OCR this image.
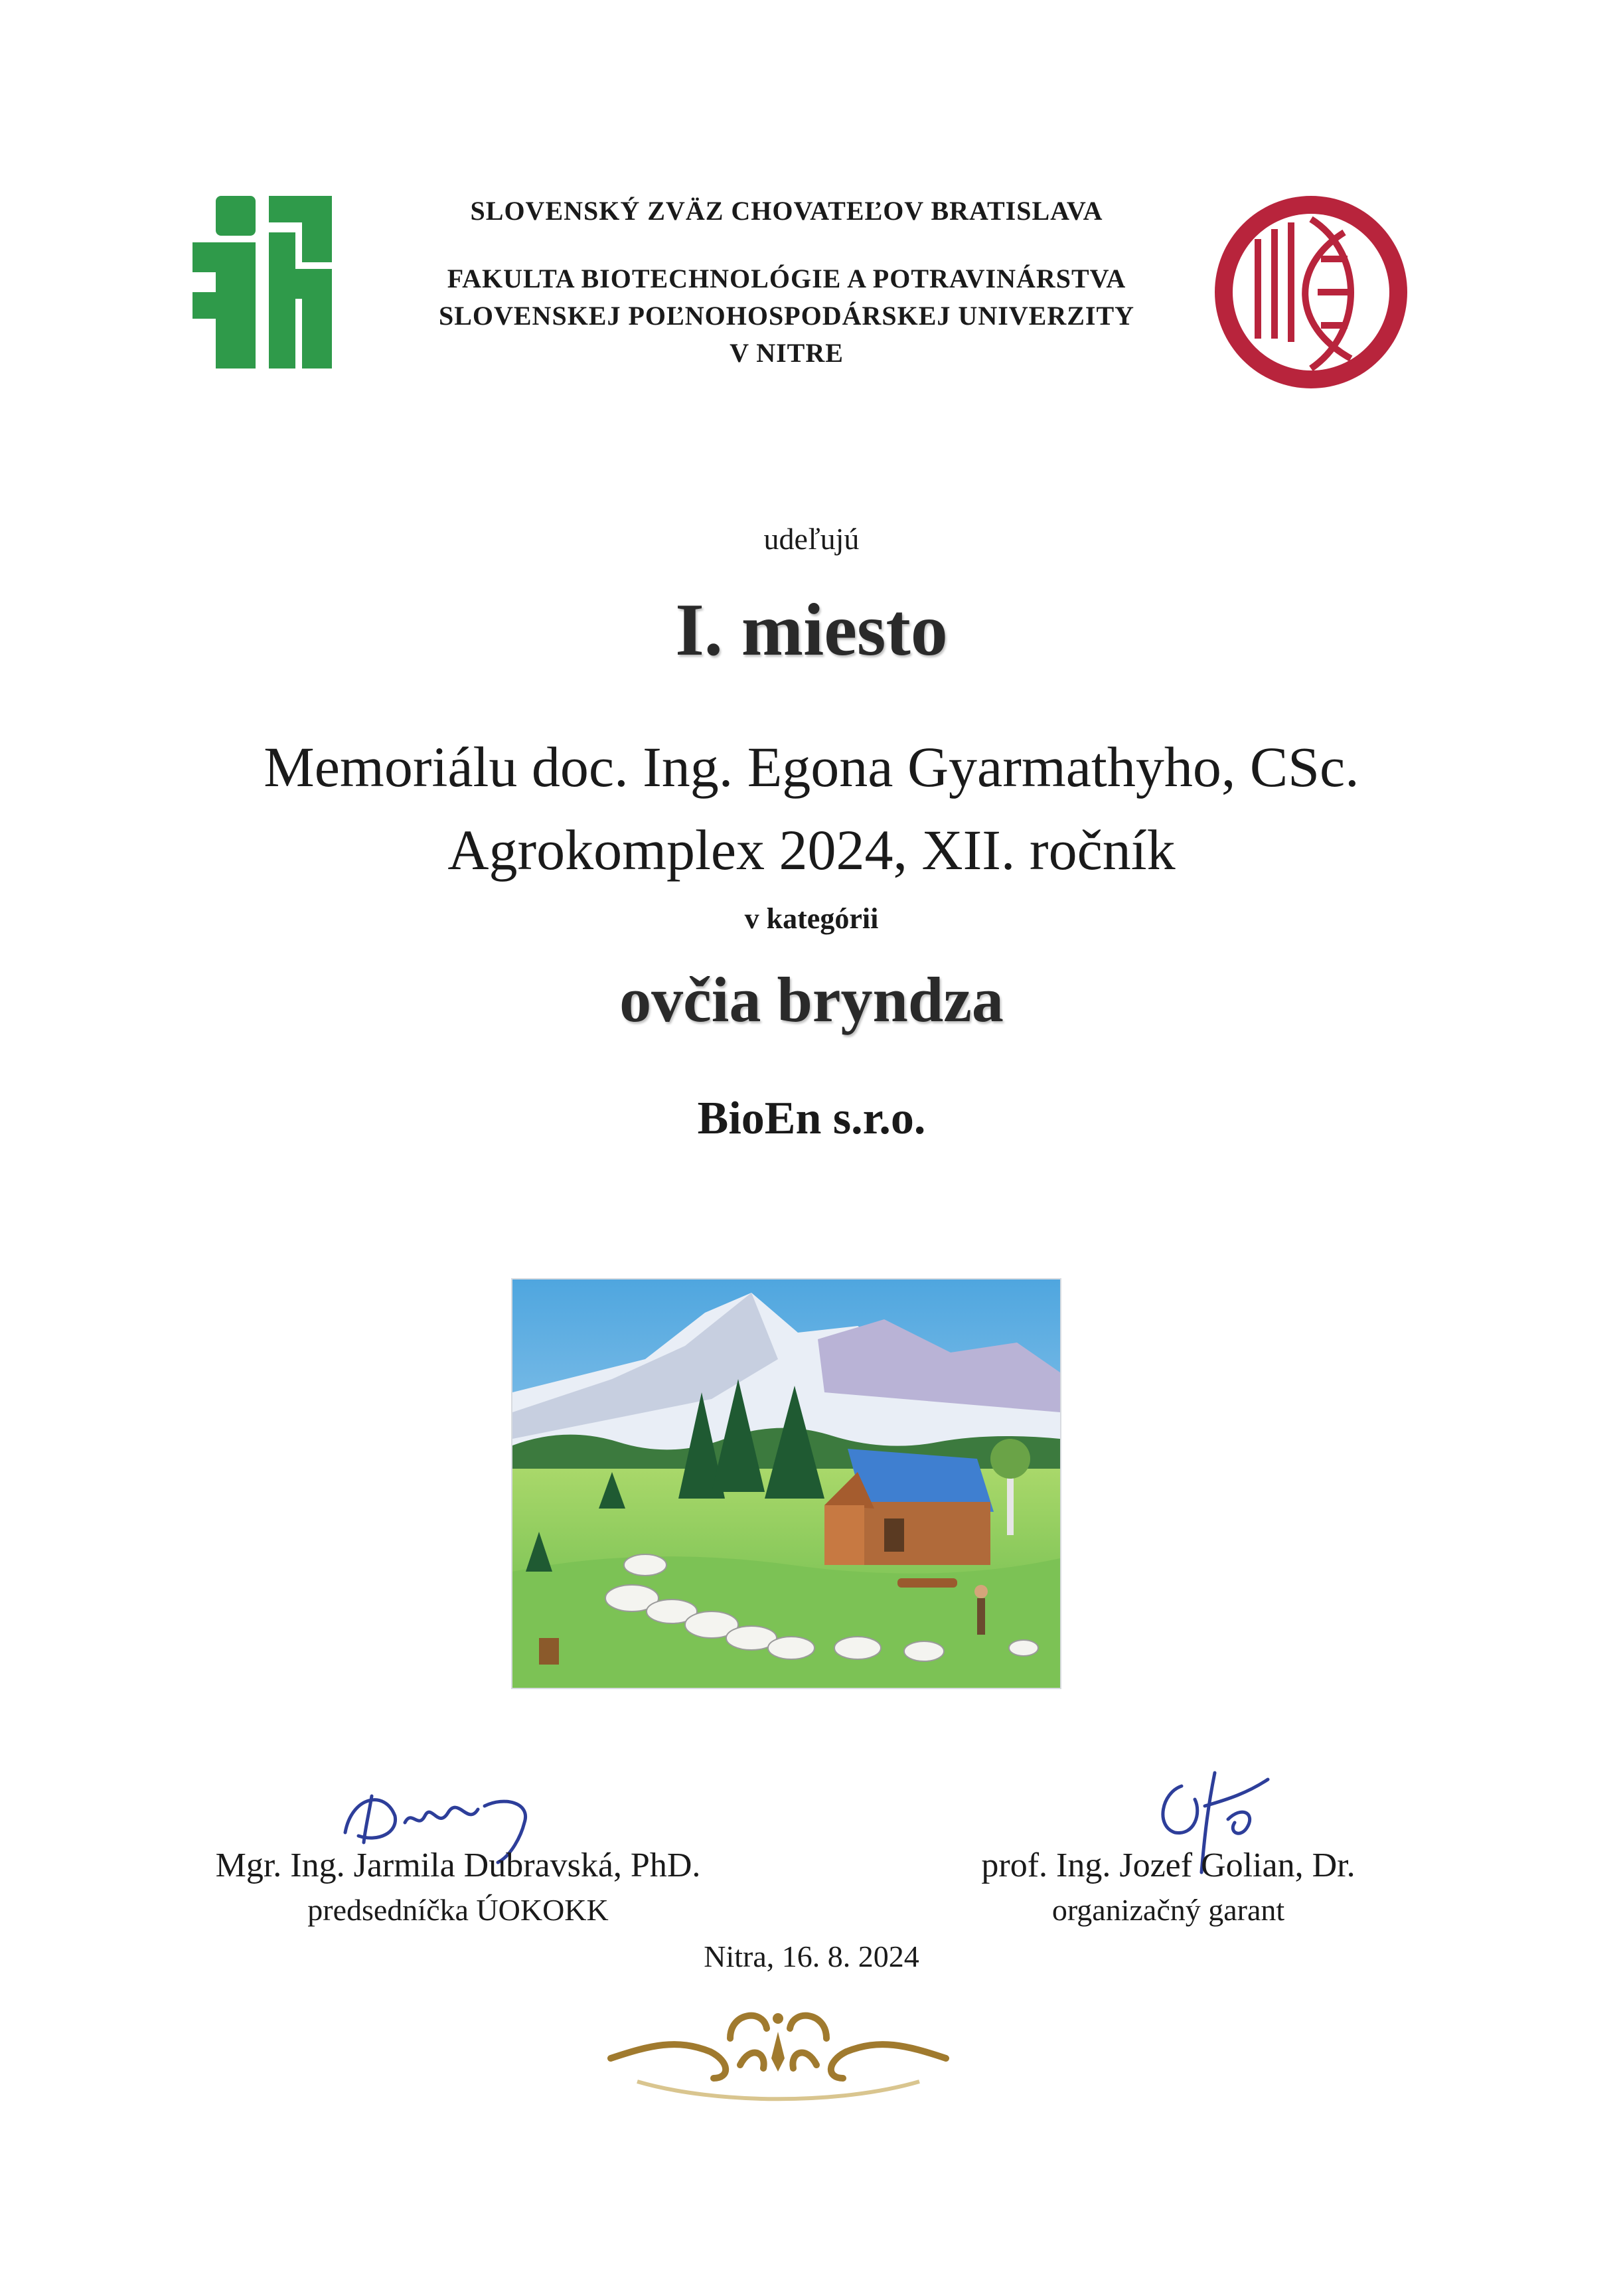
SLOVENSKÝ ZVÄZ CHOVATEĽOV BRATISLAVA
FAKULTA BIOTECHNOLÓGIE A POTRAVINÁRSTVA
SLOVENSKEJ POĽNOHOSPODÁRSKEJ UNIVERZITY
V NITRE
udeľujú
I. miesto
Memoriálu doc. Ing. Egona Gyarmathyho, CSc.
Agrokomplex 2024, XII. ročník
v kategórii
ovčia bryndza
BioEn s.r.o.
Mgr. Ing. Jarmila Dubravská, PhD.
predsedníčka ÚOKOKK
prof. Ing. Jozef Golian, Dr.
organizačný garant
Nitra, 16. 8. 2024
